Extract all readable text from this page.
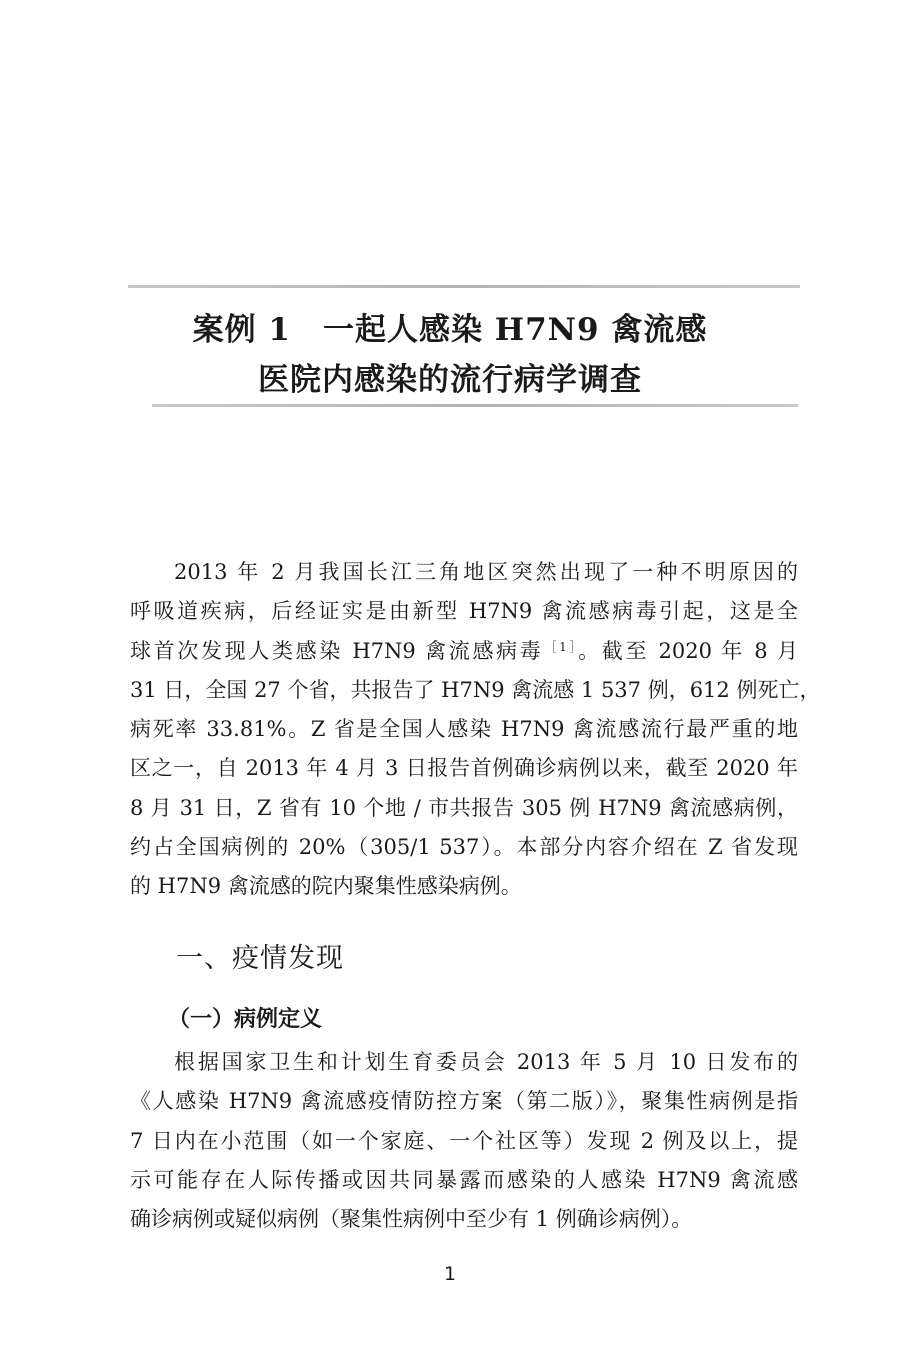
案例 1　一起人感染 H7N9 禽流感
医院内感染的流行病学调查
2013 年 2 月我国长江三角地区突然出现了一种不明原因的
呼吸道疾病，后经证实是由新型 H7N9 禽流感病毒引起，这是全
球首次发现人类感染 H7N9 禽流感病毒$^{[1]}$。截至 2020 年 8 月
31 日，全国 27 个省，共报告了 H7N9 禽流感 1 537 例，612 例死亡，
病死率 33.81%。Z 省是全国人感染 H7N9 禽流感流行最严重的地
区之一，自 2013 年 4 月 3 日报告首例确诊病例以来，截至 2020 年
8 月 31 日，Z 省有 10 个地 / 市共报告 305 例 H7N9 禽流感病例，
约占全国病例的 20%（305/1 537）。本部分内容介绍在 Z 省发现
的 H7N9 禽流感的院内聚集性感染病例。
一、疫情发现
（一）病例定义
根据国家卫生和计划生育委员会 2013 年 5 月 10 日发布的
《人感染 H7N9 禽流感疫情防控方案（第二版）》，聚集性病例是指
7 日内在小范围（如一个家庭、一个社区等）发现 2 例及以上，提
示可能存在人际传播或因共同暴露而感染的人感染 H7N9 禽流感
确诊病例或疑似病例（聚集性病例中至少有 1 例确诊病例）。
1
